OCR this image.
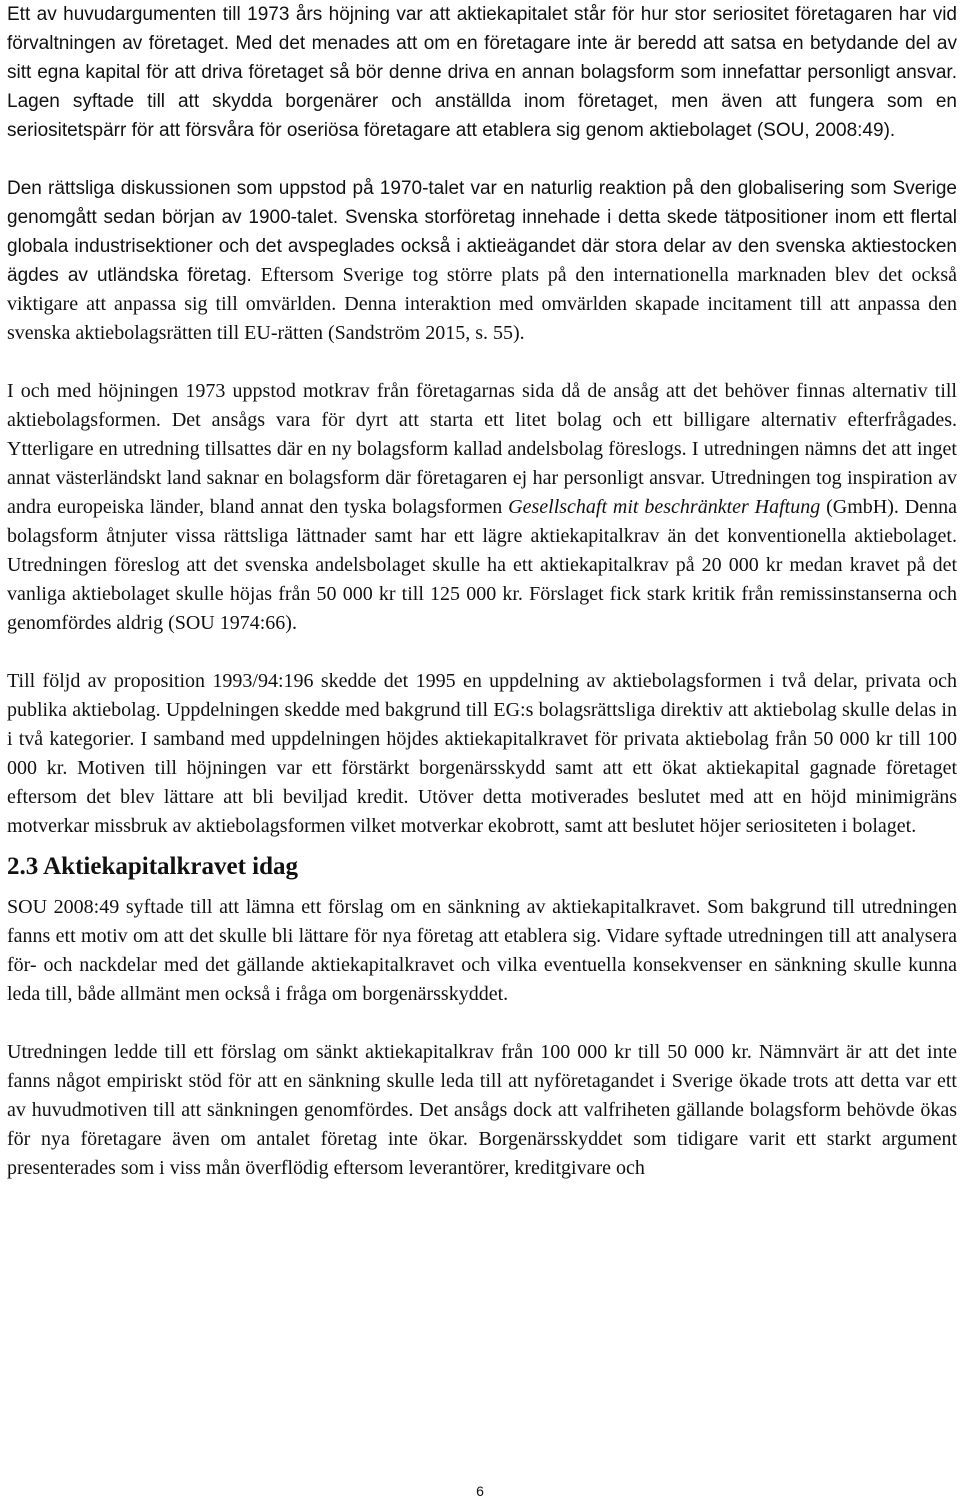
Ett av huvudargumenten till 1973 års höjning var att aktiekapitalet står för hur stor seriositet företagaren har vid förvaltningen av företaget. Med det menades att om en företagare inte är beredd att satsa en betydande del av sitt egna kapital för att driva företaget så bör denne driva en annan bolagsform som innefattar personligt ansvar. Lagen syftade till att skydda borgenärer och anställda inom företaget, men även att fungera som en seriositetspärr för att försvåra för oseriösa företagare att etablera sig genom aktiebolaget (SOU, 2008:49).

Den rättsliga diskussionen som uppstod på 1970-talet var en naturlig reaktion på den globalisering som Sverige genomgått sedan början av 1900-talet. Svenska storföretag innehade i detta skede tätpositioner inom ett flertal globala industrisektioner och det avspeglades också i aktieägandet där stora delar av den svenska aktiestocken ägdes av utländska företag. Eftersom Sverige tog större plats på den internationella marknaden blev det också viktigare att anpassa sig till omvärlden. Denna interaktion med omvärlden skapade incitament till att anpassa den svenska aktiebolagsrätten till EU-rätten (Sandström 2015, s. 55).

I och med höjningen 1973 uppstod motkrav från företagarnas sida då de ansåg att det behöver finnas alternativ till aktiebolagsformen. Det ansågs vara för dyrt att starta ett litet bolag och ett billigare alternativ efterfrågades. Ytterligare en utredning tillsattes där en ny bolagsform kallad andelsbolag föreslogs. I utredningen nämns det att inget annat västerländskt land saknar en bolagsform där företagaren ej har personligt ansvar. Utredningen tog inspiration av andra europeiska länder, bland annat den tyska bolagsformen Gesellschaft mit beschränkter Haftung (GmbH). Denna bolagsform åtnjuter vissa rättsliga lättnader samt har ett lägre aktiekapitalkrav än det konventionella aktiebolaget. Utredningen föreslog att det svenska andelsbolaget skulle ha ett aktiekapitalkrav på 20 000 kr medan kravet på det vanliga aktiebolaget skulle höjas från 50 000 kr till 125 000 kr. Förslaget fick stark kritik från remissinstanserna och genomfördes aldrig (SOU 1974:66).

Till följd av proposition 1993/94:196 skedde det 1995 en uppdelning av aktiebolagsformen i två delar, privata och publika aktiebolag. Uppdelningen skedde med bakgrund till EG:s bolagsrättsliga direktiv att aktiebolag skulle delas in i två kategorier. I samband med uppdelningen höjdes aktiekapitalkravet för privata aktiebolag från 50 000 kr till 100 000 kr. Motiven till höjningen var ett förstärkt borgenärsskydd samt att ett ökat aktiekapital gagnade företaget eftersom det blev lättare att bli beviljad kredit. Utöver detta motiverades beslutet med att en höjd minimigräns motverkar missbruk av aktiebolagsformen vilket motverkar ekobrott, samt att beslutet höjer seriositeten i bolaget.

2.3 Aktiekapitalkravet idag

SOU 2008:49 syftade till att lämna ett förslag om en sänkning av aktiekapitalkravet. Som bakgrund till utredningen fanns ett motiv om att det skulle bli lättare för nya företag att etablera sig. Vidare syftade utredningen till att analysera för- och nackdelar med det gällande aktiekapitalkravet och vilka eventuella konsekvenser en sänkning skulle kunna leda till, både allmänt men också i fråga om borgenärsskyddet.

Utredningen ledde till ett förslag om sänkt aktiekapitalkrav från 100 000 kr till 50 000 kr. Nämnvärt är att det inte fanns något empiriskt stöd för att en sänkning skulle leda till att nyföretagandet i Sverige ökade trots att detta var ett av huvudmotiven till att sänkningen genomfördes. Det ansågs dock att valfriheten gällande bolagsform behövde ökas för nya företagare även om antalet företag inte ökar. Borgenärsskyddet som tidigare varit ett starkt argument presenterades som i viss mån överflödig eftersom leverantörer, kreditgivare och

6
